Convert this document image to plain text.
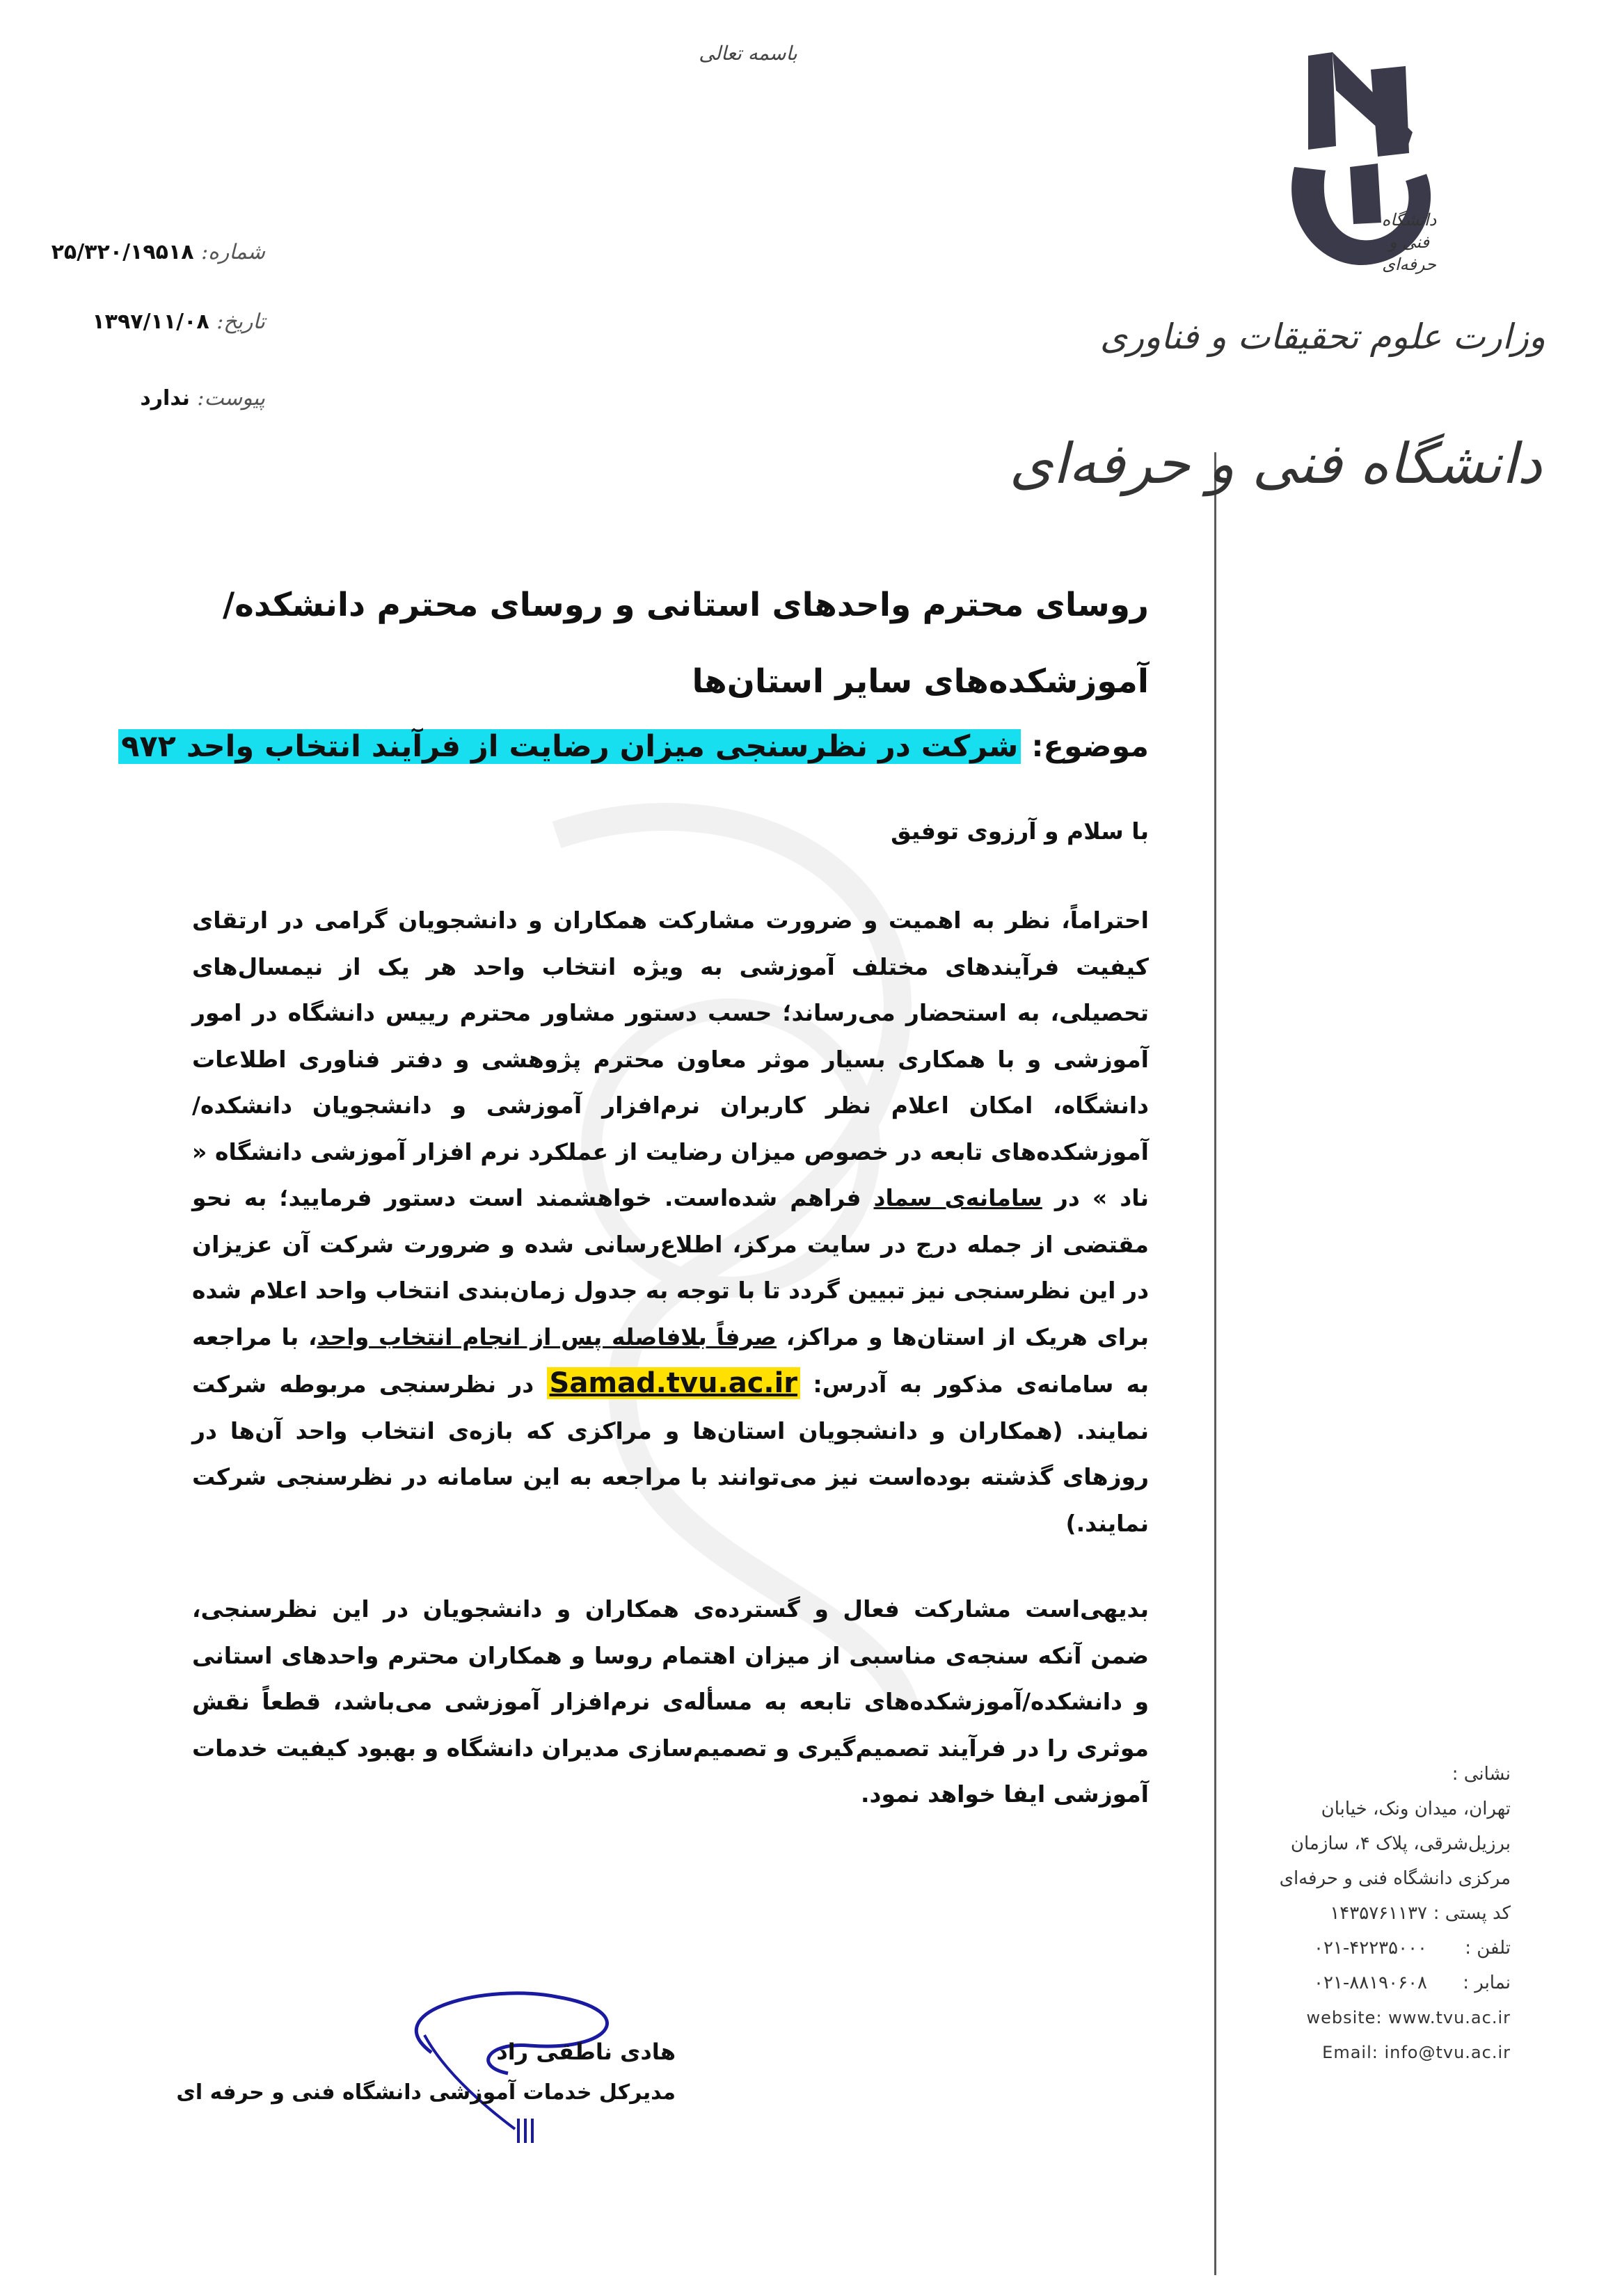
دانشگاه
فنی و حرفه‌ای
وزارت علوم تحقیقات و فناوری
دانشگاه فنی و حرفه‌ای
باسمه تعالی
شماره: ۲۵/۳۲۰/۱۹۵۱۸
تاریخ: ۱۳۹۷/۱۱/۰۸
پیوست: ندارد
روسای محترم واحدهای استانی و روسای محترم دانشکده/آموزشکده‌های سایر استان‌ها
موضوع: شرکت در نظرسنجی میزان رضایت از فرآیند انتخاب واحد ۹۷۲
با سلام و آرزوی توفیق
احتراماً، نظر به اهمیت و ضرورت مشارکت همکاران و دانشجویان گرامی در ارتقای کیفیت فرآیندهای مختلف آموزشی به ویژه انتخاب واحد هر یک از نیمسال‌های تحصیلی، به استحضار می‌رساند؛ حسب دستور مشاور محترم رییس دانشگاه در امور آموزشی و با همکاری بسیار موثر معاون محترم پژوهشی و دفتر فناوری اطلاعات دانشگاه، امکان اعلام نظر کاربران نرم‌افزار آموزشی و دانشجویان دانشکده/آموزشکده‌های تابعه در خصوص میزان رضایت از عملکرد نرم افزار آموزشی دانشگاه « ناد » در سامانه‌ی سماد فراهم شده‌است. خواهشمند است دستور فرمایید؛ به نحو مقتضی از جمله درج در سایت مرکز، اطلاع‌رسانی شده و ضرورت شرکت آن عزیزان در این نظرسنجی نیز تبیین گردد تا با توجه به جدول زمان‌بندی انتخاب واحد اعلام شده برای هریک از استان‌ها و مراکز، صرفاً بلافاصله پس از انجام انتخاب واحد، با مراجعه به سامانه‌ی مذکور به آدرس: Samad.tvu.ac.ir در نظرسنجی مربوطه شرکت نمایند. (همکاران و دانشجویان استان‌ها و مراکزی که بازه‌ی انتخاب واحد آن‌ها در روزهای گذشته بوده‌است نیز می‌توانند با مراجعه به این سامانه در نظرسنجی شرکت نمایند.)
بدیهی‌است مشارکت فعال و گسترده‌ی همکاران و دانشجویان در این نظرسنجی، ضمن آنکه سنجه‌ی مناسبی از میزان اهتمام روسا و همکاران محترم واحدهای استانی و دانشکده/آموزشکده‌های تابعه به مسأله‌ی نرم‌افزار آموزشی می‌باشد، قطعاً نقش موثری را در فرآیند تصمیم‌گیری و تصمیم‌سازی مدیران دانشگاه و بهبود کیفیت خدمات آموزشی ایفا خواهد نمود.
هادی ناطقی راد
مدیرکل خدمات آموزشی دانشگاه فنی و حرفه ای
نشانی :
تهران، میدان ونک، خیابان
برزیل‌شرقی، پلاک ۴، سازمان
مرکزی دانشگاه فنی و حرفه‌ای
کد پستی :
۱۴۳۵۷۶۱۱۳۷
تلفن :
۰۲۱-۴۲۲۳۵۰۰۰
نمابر :
۰۲۱-۸۸۱۹۰۶۰۸
website: www.tvu.ac.ir
Email: info@tvu.ac.ir
